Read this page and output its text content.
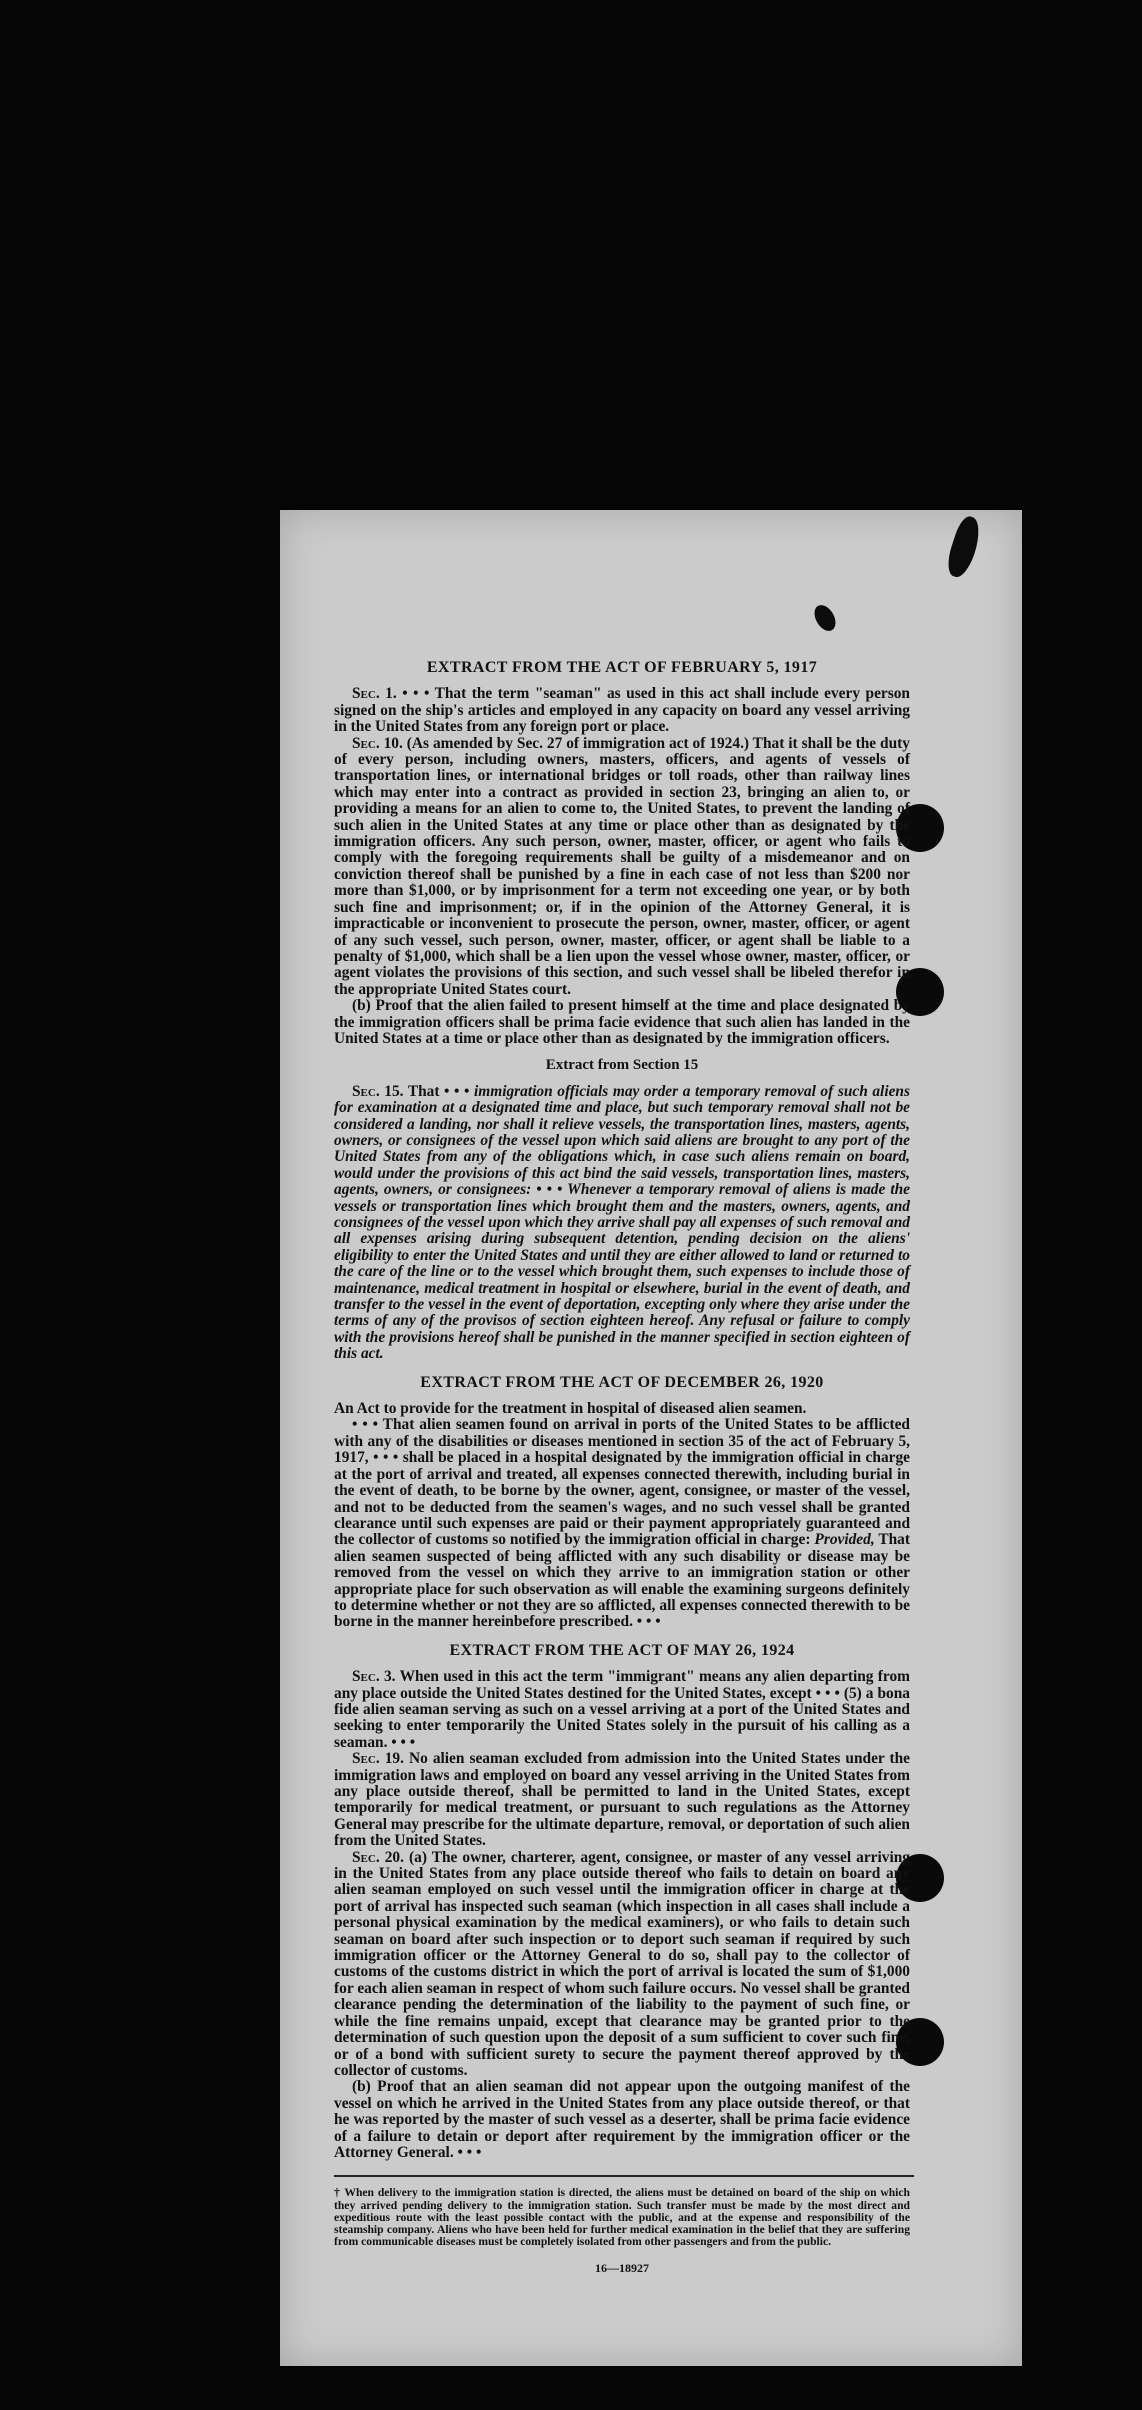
EXTRACT FROM THE ACT OF FEBRUARY 5, 1917

Sec. 1. • • • That the term "seaman" as used in this act shall include every person signed on the ship's articles and employed in any capacity on board any vessel arriving in the United States from any foreign port or place.

Sec. 10. (As amended by Sec. 27 of immigration act of 1924.) That it shall be the duty of every person, including owners, masters, officers, and agents of vessels of transportation lines, or international bridges or toll roads, other than railway lines which may enter into a contract as provided in section 23, bringing an alien to, or providing a means for an alien to come to, the United States, to prevent the landing of such alien in the United States at any time or place other than as designated by the immigration officers. Any such person, owner, master, officer, or agent who fails to comply with the foregoing requirements shall be guilty of a misdemeanor and on conviction thereof shall be punished by a fine in each case of not less than $200 nor more than $1,000, or by imprisonment for a term not exceeding one year, or by both such fine and imprisonment; or, if in the opinion of the Attorney General, it is impracticable or inconvenient to prosecute the person, owner, master, officer, or agent of any such vessel, such person, owner, master, officer, or agent shall be liable to a penalty of $1,000, which shall be a lien upon the vessel whose owner, master, officer, or agent violates the provisions of this section, and such vessel shall be libeled therefor in the appropriate United States court.

(b) Proof that the alien failed to present himself at the time and place designated by the immigration officers shall be prima facie evidence that such alien has landed in the United States at a time or place other than as designated by the immigration officers.

Extract from Section 15

Sec. 15. That • • • immigration officials may order a temporary removal of such aliens for examination at a designated time and place, but such temporary removal shall not be considered a landing, nor shall it relieve vessels, the transportation lines, masters, agents, owners, or consignees of the vessel upon which said aliens are brought to any port of the United States from any of the obligations which, in case such aliens remain on board, would under the provisions of this act bind the said vessels, transportation lines, masters, agents, owners, or consignees: • • • Whenever a temporary removal of aliens is made the vessels or transportation lines which brought them and the masters, owners, agents, and consignees of the vessel upon which they arrive shall pay all expenses of such removal and all expenses arising during subsequent detention, pending decision on the aliens' eligibility to enter the United States and until they are either allowed to land or returned to the care of the line or to the vessel which brought them, such expenses to include those of maintenance, medical treatment in hospital or elsewhere, burial in the event of death, and transfer to the vessel in the event of deportation, excepting only where they arise under the terms of any of the provisos of section eighteen hereof. Any refusal or failure to comply with the provisions hereof shall be punished in the manner specified in section eighteen of this act.

EXTRACT FROM THE ACT OF DECEMBER 26, 1920

An Act to provide for the treatment in hospital of diseased alien seamen.

• • • That alien seamen found on arrival in ports of the United States to be afflicted with any of the disabilities or diseases mentioned in section 35 of the act of February 5, 1917, • • • shall be placed in a hospital designated by the immigration official in charge at the port of arrival and treated, all expenses connected therewith, including burial in the event of death, to be borne by the owner, agent, consignee, or master of the vessel, and not to be deducted from the seamen's wages, and no such vessel shall be granted clearance until such expenses are paid or their payment appropriately guaranteed and the collector of customs so notified by the immigration official in charge: Provided, That alien seamen suspected of being afflicted with any such disability or disease may be removed from the vessel on which they arrive to an immigration station or other appropriate place for such observation as will enable the examining surgeons definitely to determine whether or not they are so afflicted, all expenses connected therewith to be borne in the manner hereinbefore prescribed. • • •

EXTRACT FROM THE ACT OF MAY 26, 1924

Sec. 3. When used in this act the term "immigrant" means any alien departing from any place outside the United States destined for the United States, except • • • (5) a bona fide alien seaman serving as such on a vessel arriving at a port of the United States and seeking to enter temporarily the United States solely in the pursuit of his calling as a seaman. • • •

Sec. 19. No alien seaman excluded from admission into the United States under the immigration laws and employed on board any vessel arriving in the United States from any place outside thereof, shall be permitted to land in the United States, except temporarily for medical treatment, or pursuant to such regulations as the Attorney General may prescribe for the ultimate departure, removal, or deportation of such alien from the United States.

Sec. 20. (a) The owner, charterer, agent, consignee, or master of any vessel arriving in the United States from any place outside thereof who fails to detain on board any alien seaman employed on such vessel until the immigration officer in charge at the port of arrival has inspected such seaman (which inspection in all cases shall include a personal physical examination by the medical examiners), or who fails to detain such seaman on board after such inspection or to deport such seaman if required by such immigration officer or the Attorney General to do so, shall pay to the collector of customs of the customs district in which the port of arrival is located the sum of $1,000 for each alien seaman in respect of whom such failure occurs. No vessel shall be granted clearance pending the determination of the liability to the payment of such fine, or while the fine remains unpaid, except that clearance may be granted prior to the determination of such question upon the deposit of a sum sufficient to cover such fine, or of a bond with sufficient surety to secure the payment thereof approved by the collector of customs.

(b) Proof that an alien seaman did not appear upon the outgoing manifest of the vessel on which he arrived in the United States from any place outside thereof, or that he was reported by the master of such vessel as a deserter, shall be prima facie evidence of a failure to detain or deport after requirement by the immigration officer or the Attorney General. • • •

† When delivery to the immigration station is directed, the aliens must be detained on board of the ship on which they arrived pending delivery to the immigration station. Such transfer must be made by the most direct and expeditious route with the least possible contact with the public, and at the expense and responsibility of the steamship company. Aliens who have been held for further medical examination in the belief that they are suffering from communicable diseases must be completely isolated from other passengers and from the public.
16—18927
